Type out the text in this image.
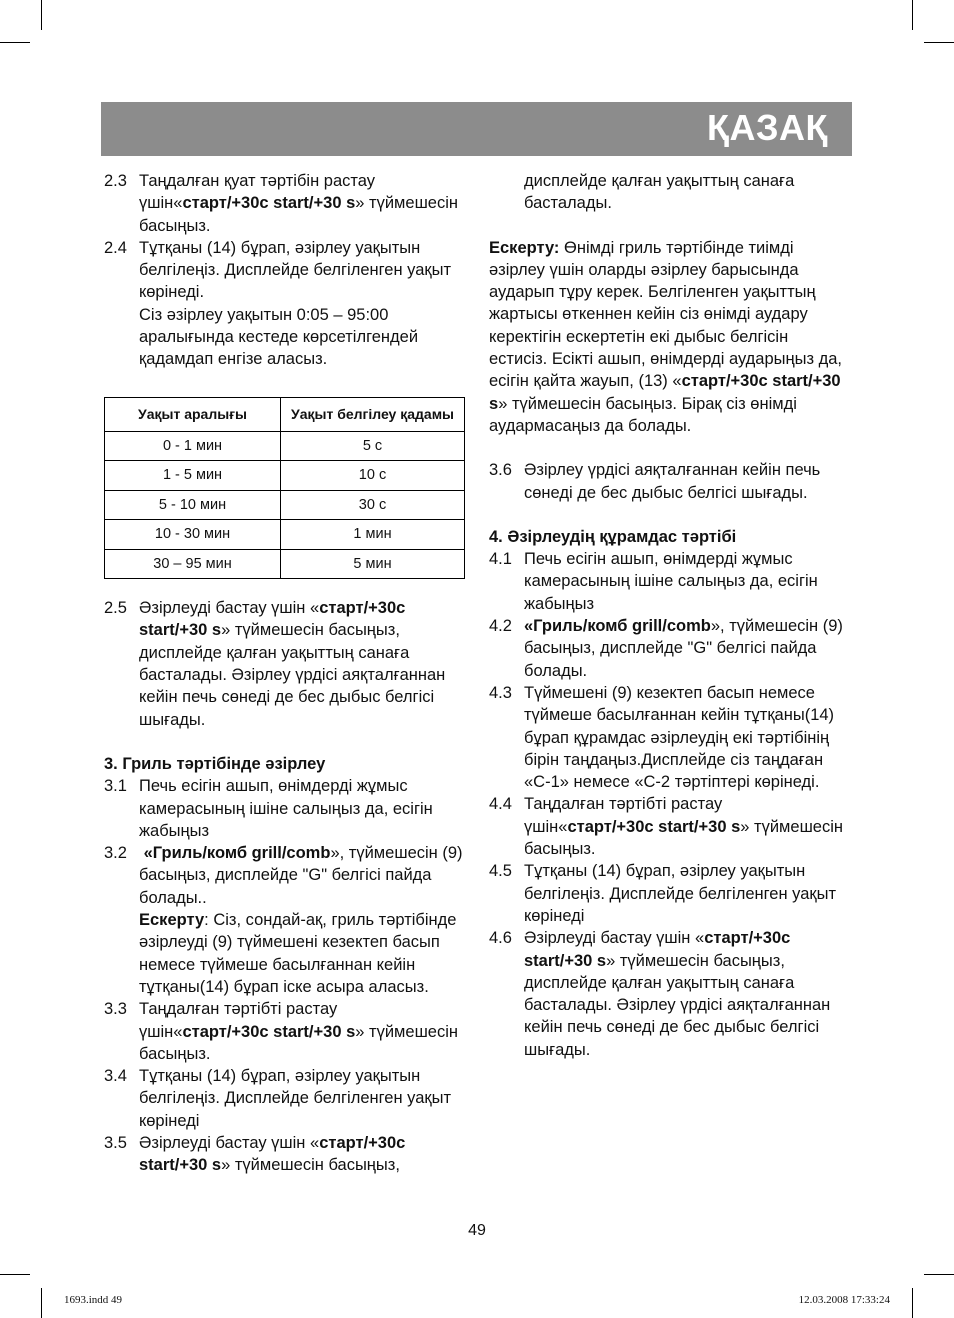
ҚАЗАҚ
2.3 Таңдалған қуат тәртібін растау үшін«старт/+30с start/+30 s» түймешесін басыңыз.
2.4 Тұтқаны (14) бұрап, әзірлеу уақытын белгілеңіз. Дисплейде белгіленген уақыт көрінеді.
Сіз әзірлеу уақытын 0:05 – 95:00 аралығында кестеде көрсетілгендей қадамдап енгізе аласыз.
Уақыт аралығы	Уақыт белгілеу қадамы
0 - 1 мин	5 с
1 - 5 мин	10 с
5 - 10 мин	30 с
10 - 30 мин	1 мин
30 – 95 мин	5 мин
2.5 Әзірлеуді бастау үшін «старт/+30с start/+30 s» түймешесін басыңыз, дисплейде қалған уақыттың санаға басталады. Әзірлеу үрдісі аяқталғаннан кейін печь сөнеді де бес дыбыс белгісі шығады.
3. Гриль тәртібінде әзірлеу
3.1 Печь есігін ашып, өнімдерді жұмыс камерасының ішіне салыңыз да, есігін жабыңыз
3.2	«Гриль/комб grill/comb», түймешесін (9) басыңыз, дисплейде "G" белгісі пайда болады..
Ескерту: Сіз, сондай-ақ, гриль тәртібінде әзірлеуді (9) түймешені кезектеп басып немесе түймеше басылғаннан кейін тұтқаны(14) бұрап іске асыра аласыз.
3.3 Таңдалған тәртібті растау үшін«старт/+30с start/+30 s» түймешесін басыңыз.
3.4 Тұтқаны (14) бұрап, әзірлеу уақытын белгілеңіз. Дисплейде белгіленген уақыт көрінеді
3.5 Әзірлеуді бастау үшін «старт/+30с start/+30 s» түймешесін басыңыз,
дисплейде қалған уақыттың санаға басталады.
Ескерту: Өнімді гриль тәртібінде тиімді әзірлеу үшін оларды әзірлеу барысында аударып тұру керек. Белгіленген уақыттың жартысы өткеннен кейін сіз өнімді аудару керектігін ескертетін екі дыбыс белгісін естисіз. Есікті ашып, өнімдерді аударыңыз да, есігін қайта жауып, (13) «старт/+30с start/+30 s» түймешесін басыңыз. Бірақ сіз өнімді аудармасаңыз да болады.
3.6 Әзірлеу үрдісі аяқталғаннан кейін печь сөнеді де бес дыбыс белгісі шығады.
4. Әзірлеудің құрамдас тәртібі
4.1 Печь есігін ашып, өнімдерді жұмыс камерасының ішіне салыңыз да, есігін жабыңыз
4.2 «Гриль/комб grill/comb», түймешесін (9) басыңыз, дисплейде "G" белгісі пайда болады.
4.3 Түймешені (9) кезектеп басып немесе түймеше басылғаннан кейін тұтқаны(14) бұрап құрамдас әзірлеудің екі тәртібінің бірін таңдаңыз.Дисплейде сіз таңдаған «С-1» немесе «С-2 тәртіптері көрінеді.
4.4 Таңдалған тәртібті растау үшін«старт/+30с start/+30 s» түймешесін басыңыз.
4.5 Тұтқаны (14) бұрап, әзірлеу уақытын белгілеңіз. Дисплейде белгіленген уақыт көрінеді
4.6 Әзірлеуді бастау үшін «старт/+30с start/+30 s» түймешесін басыңыз, дисплейде қалған уақыттың санаға басталады. Әзірлеу үрдісі аяқталғаннан кейін печь сөнеді де бес дыбыс белгісі шығады.
49
1693.indd 49	12.03.2008 17:33:24
